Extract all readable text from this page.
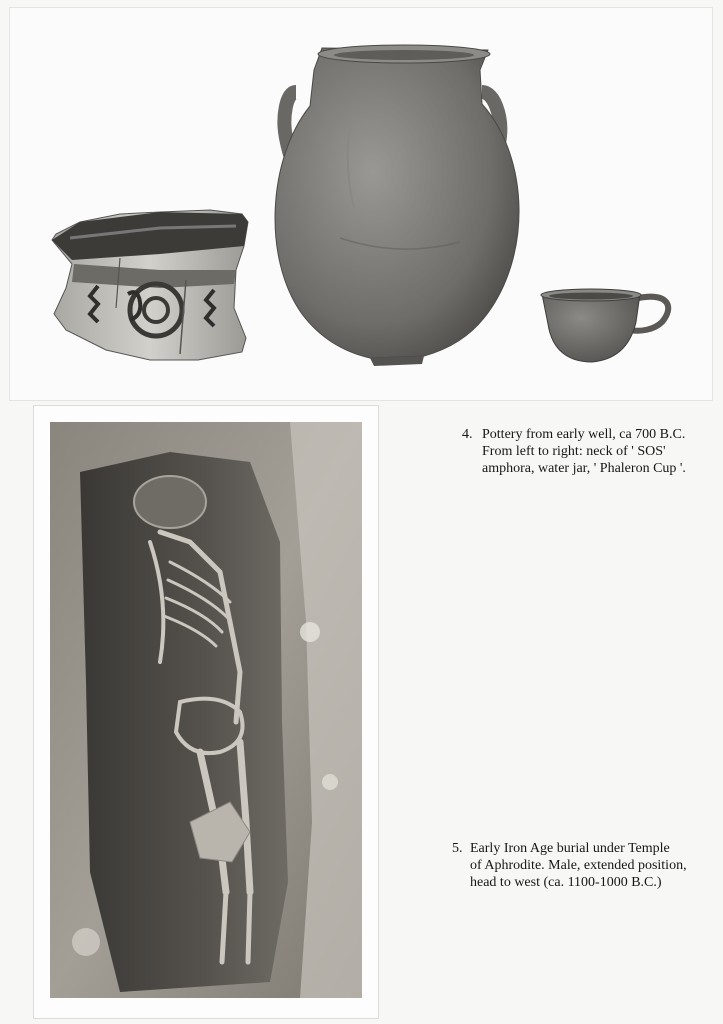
4. Pottery from early well, ca 700 B.C.
From left to right: neck of ' SOS'
amphora, water jar, ' Phaleron Cup '.
5. Early Iron Age burial under Temple
of Aphrodite. Male, extended position,
head to west (ca. 1100-1000 B.C.)
